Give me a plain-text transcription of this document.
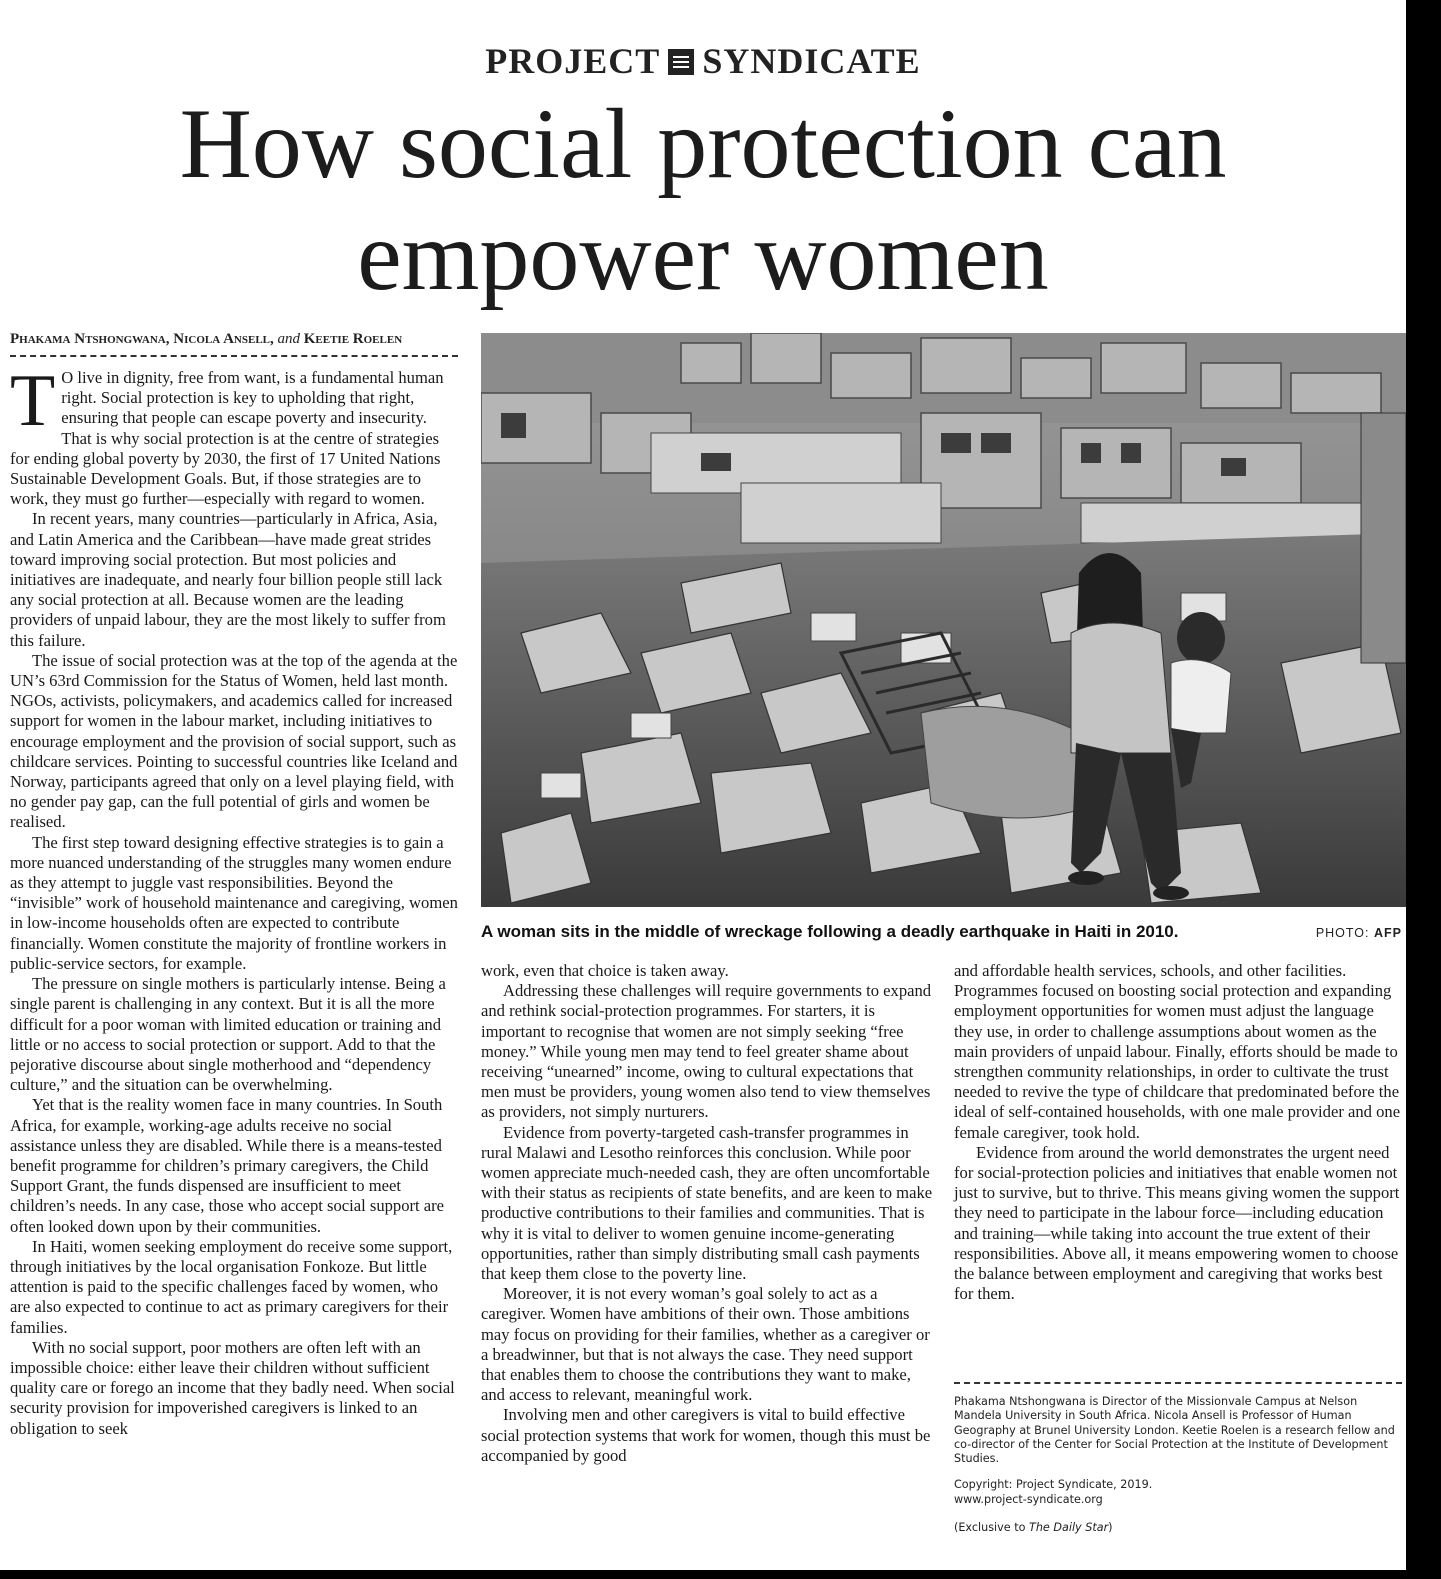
PROJECT SYNDICATE
How social protection can
empower women
Phakama Ntshongwana, Nicola Ansell, and Keetie Roelen

T O live in dignity, free from want, is a fundamental human right. Social protection is key to upholding that right, ensuring that people can escape poverty and insecurity. That is why social protection is at the centre of strategies for ending global poverty by 2030, the first of 17 United Nations Sustainable Development Goals. But, if those strategies are to work, they must go further—especially with regard to women.

In recent years, many countries—particularly in Africa, Asia, and Latin America and the Caribbean—have made great strides toward improving social protection. But most policies and initiatives are inadequate, and nearly four billion people still lack any social protection at all. Because women are the leading providers of unpaid labour, they are the most likely to suffer from this failure.

The issue of social protection was at the top of the agenda at the UN’s 63rd Commission for the Status of Women, held last month. NGOs, activists, policymakers, and academics called for increased support for women in the labour market, including initiatives to encourage employment and the provision of social support, such as childcare services. Pointing to successful countries like Iceland and Norway, participants agreed that only on a level playing field, with no gender pay gap, can the full potential of girls and women be realised.

The first step toward designing effective strategies is to gain a more nuanced understanding of the struggles many women endure as they attempt to juggle vast responsibilities. Beyond the “invisible” work of household maintenance and caregiving, women in low-income households often are expected to contribute financially. Women constitute the majority of frontline workers in public-service sectors, for example.

The pressure on single mothers is particularly intense. Being a single parent is challenging in any context. But it is all the more difficult for a poor woman with limited education or training and little or no access to social protection or support. Add to that the pejorative discourse about single motherhood and “dependency culture,” and the situation can be overwhelming.

Yet that is the reality women face in many countries. In South Africa, for example, working-age adults receive no social assistance unless they are disabled. While there is a means-tested benefit programme for children’s primary caregivers, the Child Support Grant, the funds dispensed are insufficient to meet children’s needs. In any case, those who accept social support are often looked down upon by their communities.

In Haiti, women seeking employment do receive some support, through initiatives by the local organisation Fonkoze. But little attention is paid to the specific challenges faced by women, who are also expected to continue to act as primary caregivers for their families.

With no social support, poor mothers are often left with an impossible choice: either leave their children without sufficient quality care or forego an income that they badly need. When social security provision for impoverished caregivers is linked to an obligation to seek

A woman sits in the middle of wreckage following a deadly earthquake in Haiti in 2010.	PHOTO: AFP

work, even that choice is taken away.

Addressing these challenges will require governments to expand and rethink social-protection programmes. For starters, it is important to recognise that women are not simply seeking “free money.” While young men may tend to feel greater shame about receiving “unearned” income, owing to cultural expectations that men must be providers, young women also tend to view themselves as providers, not simply nurturers.

Evidence from poverty-targeted cash-transfer programmes in rural Malawi and Lesotho reinforces this conclusion. While poor women appreciate much-needed cash, they are often uncomfortable with their status as recipients of state benefits, and are keen to make productive contributions to their families and communities. That is why it is vital to deliver to women genuine income-generating opportunities, rather than simply distributing small cash payments that keep them close to the poverty line.

Moreover, it is not every woman’s goal solely to act as a caregiver. Women have ambitions of their own. Those ambitions may focus on providing for their families, whether as a caregiver or a breadwinner, but that is not always the case. They need support that enables them to choose the contributions they want to make, and access to relevant, meaningful work.

Involving men and other caregivers is vital to build effective social protection systems that work for women, though this must be accompanied by good

and affordable health services, schools, and other facilities. Programmes focused on boosting social protection and expanding employment opportunities for women must adjust the language they use, in order to challenge assumptions about women as the main providers of unpaid labour. Finally, efforts should be made to strengthen community relationships, in order to cultivate the trust needed to revive the type of childcare that predominated before the ideal of self-contained households, with one male provider and one female caregiver, took hold.

Evidence from around the world demonstrates the urgent need for social-protection policies and initiatives that enable women not just to survive, but to thrive. This means giving women the support they need to participate in the labour force—including education and training—while taking into account the true extent of their responsibilities. Above all, it means empowering women to choose the balance between employment and caregiving that works best for them.

Phakama Ntshongwana is Director of the Missionvale Campus at Nelson Mandela University in South Africa. Nicola Ansell is Professor of Human Geography at Brunel University London. Keetie Roelen is a research fellow and co-director of the Center for Social Protection at the Institute of Development Studies.

Copyright: Project Syndicate, 2019.
www.project-syndicate.org
(Exclusive to The Daily Star)
